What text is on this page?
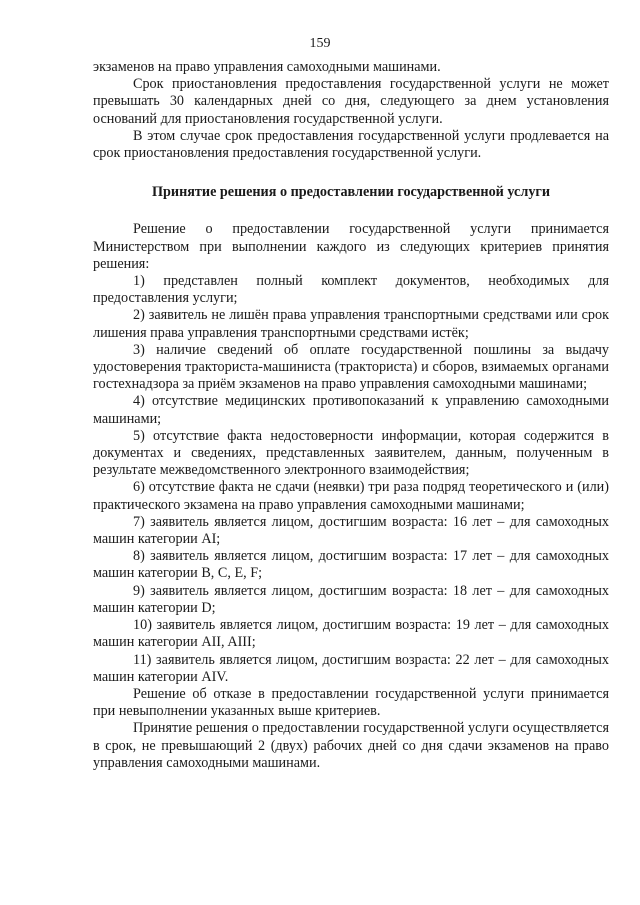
159

экзаменов на право управления самоходными машинами.

Срок приостановления предоставления государственной услуги не может превышать 30 календарных дней со дня, следующего за днем установления оснований для приостановления государственной услуги.

В этом случае срок предоставления государственной услуги продлевается на срок приостановления предоставления государственной услуги.

Принятие решения о предоставлении государственной услуги

Решение о предоставлении государственной услуги принимается Министерством при выполнении каждого из следующих критериев принятия решения:

1) представлен полный комплект документов, необходимых для предоставления услуги;

2) заявитель не лишён права управления транспортными средствами или срок лишения права управления транспортными средствами истёк;

3) наличие сведений об оплате государственной пошлины за выдачу удостоверения тракториста-машиниста (тракториста) и сборов, взимаемых органами гостехнадзора за приём экзаменов на право управления самоходными машинами;

4) отсутствие медицинских противопоказаний к управлению самоходными машинами;

5) отсутствие факта недостоверности информации, которая содержится в документах и сведениях, представленных заявителем, данным, полученным в результате межведомственного электронного взаимодействия;

6) отсутствие факта не сдачи (неявки) три раза подряд теоретического и (или) практического экзамена на право управления самоходными машинами;

7) заявитель является лицом, достигшим возраста: 16 лет – для самоходных машин категории AI;

8) заявитель является лицом, достигшим возраста: 17 лет – для самоходных машин категории B, C, E, F;

9) заявитель является лицом, достигшим возраста: 18 лет – для самоходных машин категории D;

10) заявитель является лицом, достигшим возраста: 19 лет – для самоходных машин категории AII, AIII;

11) заявитель является лицом, достигшим возраста: 22 лет – для самоходных машин категории AIV.

Решение об отказе в предоставлении государственной услуги принимается при невыполнении указанных выше критериев.

Принятие решения о предоставлении государственной услуги осуществляется в срок, не превышающий 2 (двух) рабочих дней со дня сдачи экзаменов на право управления самоходными машинами.
